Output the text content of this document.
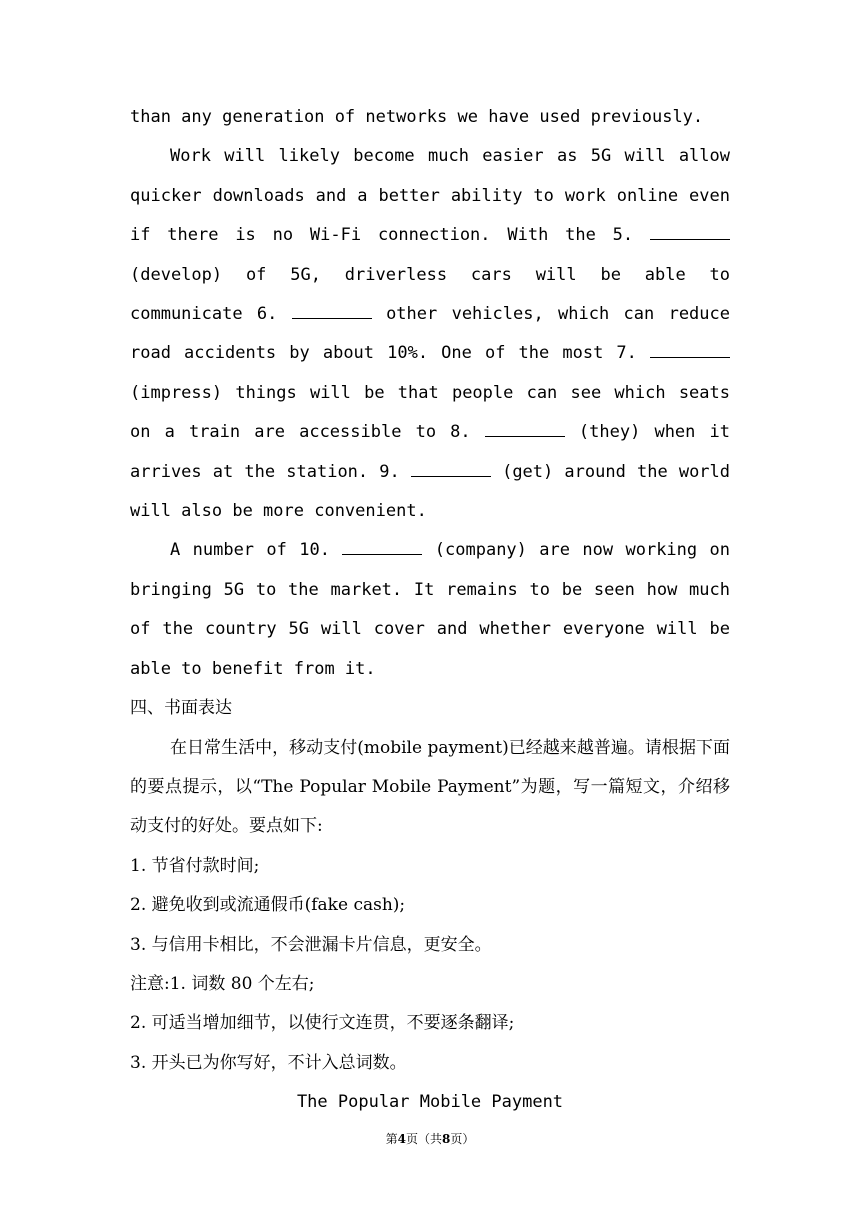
than any generation of networks we have used previously.

Work will likely become much easier as 5G will allow quicker downloads and a better ability to work online even if there is no Wi-Fi connection. With the 5.  (develop) of 5G, driverless cars will be able to communicate 6.	other vehicles, which can reduce road accidents by about 10%. One of the most 7.  (impress) things will be that people can see which seats on a train are accessible to 8.	(they) when it arrives at the station. 9.	(get) around the world will also be more convenient.

A number of 10.	(company) are now working on bringing 5G to the market. It remains to be seen how much of the country 5G will cover and whether everyone will be able to benefit from it.

四、书面表达

在日常生活中，移动支付(mobile payment)已经越来越普遍。请根据下面的要点提示，以“The Popular Mobile Payment”为题，写一篇短文，介绍移动支付的好处。要点如下:

1. 节省付款时间;

2. 避免收到或流通假币(fake cash);

3. 与信用卡相比，不会泄漏卡片信息，更安全。

注意:1. 词数 80 个左右;

2. 可适当增加细节，以使行文连贯，不要逐条翻译;

3. 开头已为你写好，不计入总词数。

The Popular Mobile Payment

第4页（共8页）
